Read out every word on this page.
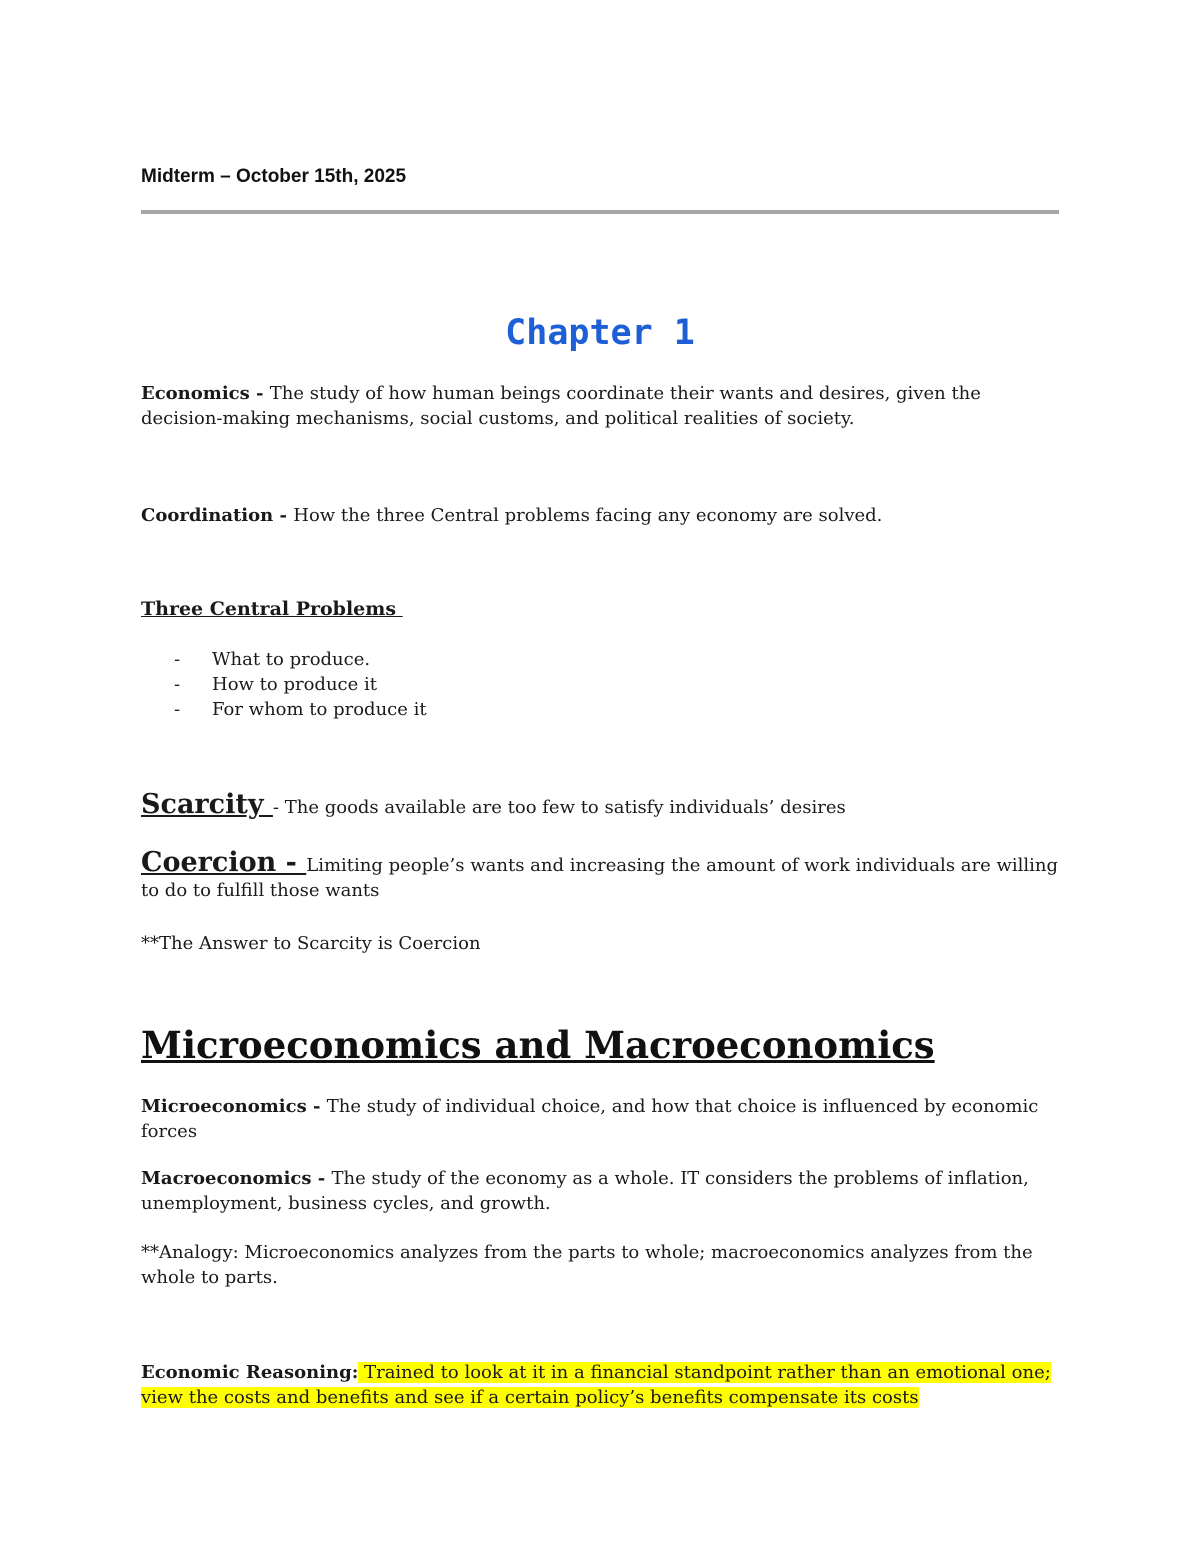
Midterm – October 15th, 2025
Chapter 1
Economics - The study of how human beings coordinate their wants and desires, given the decision-making mechanisms, social customs, and political realities of society.
Coordination - How the three Central problems facing any economy are solved.
Three Central Problems
- What to produce.
- How to produce it
- For whom to produce it
Scarcity - The goods available are too few to satisfy individuals’ desires
Coercion - Limiting people’s wants and increasing the amount of work individuals are willing to do to fulfill those wants
**The Answer to Scarcity is Coercion
Microeconomics and Macroeconomics
Microeconomics - The study of individual choice, and how that choice is influenced by economic forces
Macroeconomics - The study of the economy as a whole. IT considers the problems of inflation, unemployment, business cycles, and growth.
**Analogy: Microeconomics analyzes from the parts to whole; macroeconomics analyzes from the whole to parts.
Economic Reasoning: Trained to look at it in a financial standpoint rather than an emotional one; view the costs and benefits and see if a certain policy’s benefits compensate its costs
